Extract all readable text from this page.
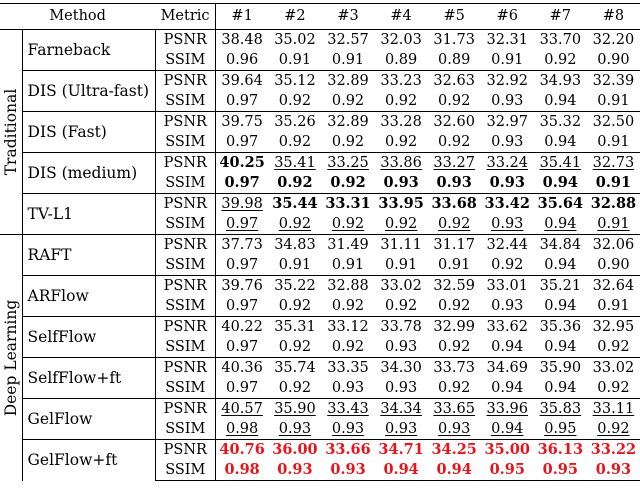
Method		Metric	#1	#2	#3	#4	#5	#6	#7	#8

Traditional	Farneback	PSNR	38.48	35.02	32.57	32.03	31.73	32.31	33.70	32.20
		SSIM	0.96	0.91	0.91	0.89	0.89	0.91	0.92	0.90
	DIS (Ultra-fast)	PSNR	39.64	35.12	32.89	33.23	32.63	32.92	34.93	32.39
		SSIM	0.97	0.92	0.92	0.92	0.92	0.93	0.94	0.91
	DIS (Fast)	PSNR	39.75	35.26	32.89	33.28	32.60	32.97	35.32	32.50
		SSIM	0.97	0.92	0.92	0.92	0.92	0.93	0.94	0.91
	DIS (medium)	PSNR	40.25	35.41	33.25	33.86	33.27	33.24	35.41	32.73
		SSIM	0.97	0.92	0.92	0.93	0.93	0.93	0.94	0.91
	TV-L1	PSNR	39.98	35.44	33.31	33.95	33.68	33.42	35.64	32.88
		SSIM	0.97	0.92	0.92	0.92	0.92	0.93	0.94	0.91

Deep Learning	RAFT	PSNR	37.73	34.83	31.49	31.11	31.17	32.44	34.84	32.06
		SSIM	0.97	0.91	0.91	0.91	0.91	0.92	0.94	0.90
	ARFlow	PSNR	39.76	35.22	32.88	33.02	32.59	33.01	35.21	32.64
		SSIM	0.97	0.92	0.92	0.92	0.92	0.93	0.94	0.91
	SelfFlow	PSNR	40.22	35.31	33.12	33.78	32.99	33.62	35.36	32.95
		SSIM	0.97	0.92	0.92	0.93	0.92	0.94	0.94	0.92
	SelfFlow+ft	PSNR	40.36	35.74	33.35	34.30	33.73	34.69	35.90	33.02
		SSIM	0.97	0.92	0.93	0.93	0.92	0.94	0.94	0.92
	GelFlow	PSNR	40.57	35.90	33.43	34.34	33.65	33.96	35.83	33.11
		SSIM	0.98	0.93	0.93	0.93	0.93	0.94	0.95	0.92
	GelFlow+ft	PSNR	40.76	36.00	33.66	34.71	34.25	35.00	36.13	33.22
		SSIM	0.98	0.93	0.93	0.94	0.94	0.95	0.95	0.93
